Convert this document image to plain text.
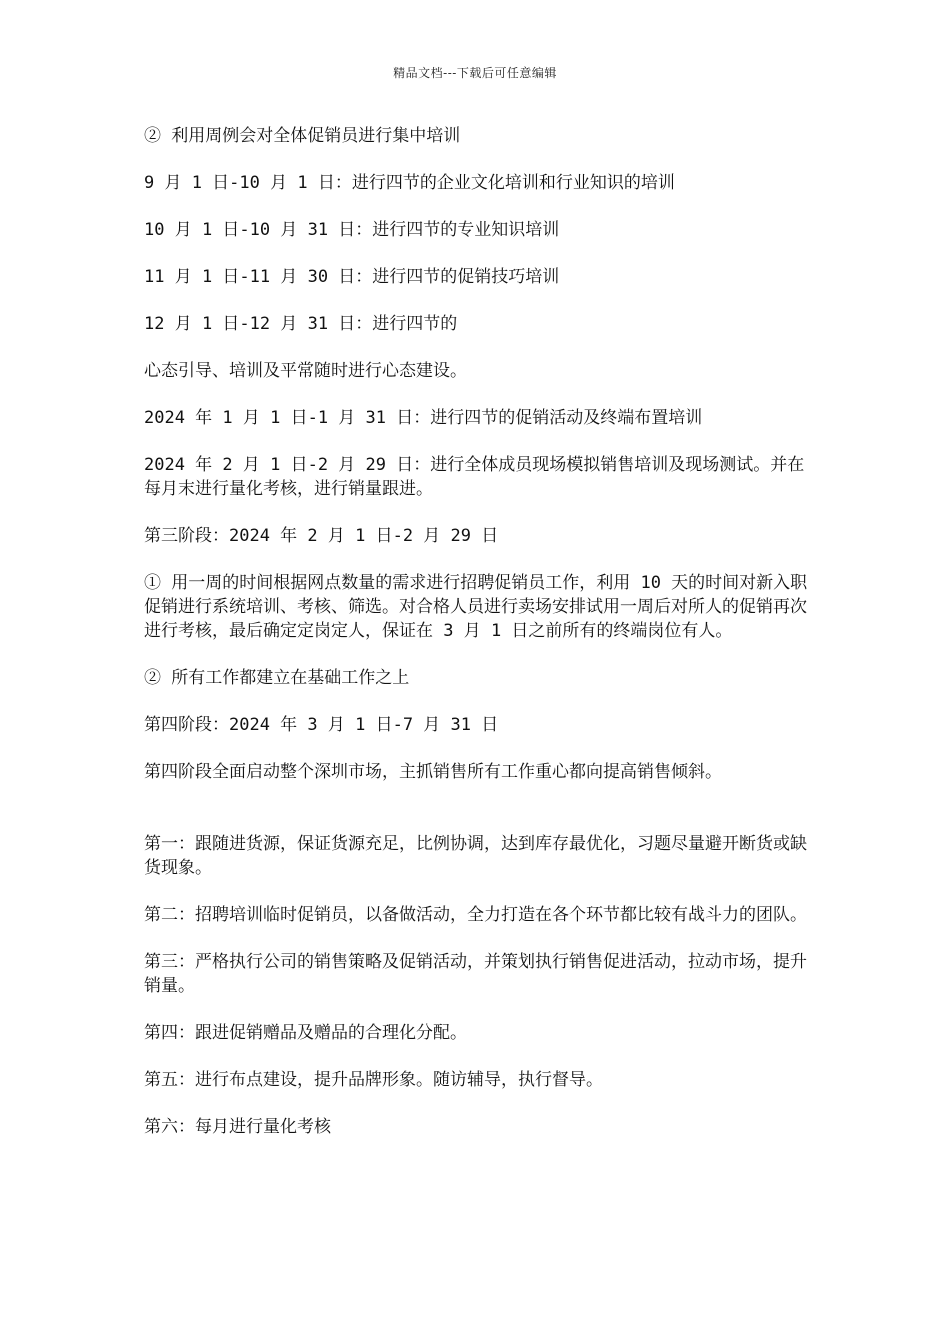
精品文档---下载后可任意编辑

② 利用周例会对全体促销员进行集中培训

9 月 1 日-10 月 1 日：进行四节的企业文化培训和行业知识的培训

10 月 1 日-10 月 31 日：进行四节的专业知识培训

11 月 1 日-11 月 30 日：进行四节的促销技巧培训

12 月 1 日-12 月 31 日：进行四节的

心态引导、培训及平常随时进行心态建设。

2024 年 1 月 1 日-1 月 31 日：进行四节的促销活动及终端布置培训

2024 年 2 月 1 日-2 月 29 日：进行全体成员现场模拟销售培训及现场测试。并在每月末进行量化考核，进行销量跟进。

第三阶段：2024 年 2 月 1 日-2 月 29 日

① 用一周的时间根据网点数量的需求进行招聘促销员工作，利用 10 天的时间对新入职促销进行系统培训、考核、筛选。对合格人员进行卖场安排试用一周后对所人的促销再次进行考核，最后确定定岗定人，保证在 3 月 1 日之前所有的终端岗位有人。

② 所有工作都建立在基础工作之上

第四阶段：2024 年 3 月 1 日-7 月 31 日

第四阶段全面启动整个深圳市场，主抓销售所有工作重心都向提高销售倾斜。

第一：跟随进货源，保证货源充足，比例协调，达到库存最优化，习题尽量避开断货或缺货现象。

第二：招聘培训临时促销员，以备做活动，全力打造在各个环节都比较有战斗力的团队。

第三：严格执行公司的销售策略及促销活动，并策划执行销售促进活动，拉动市场，提升销量。

第四：跟进促销赠品及赠品的合理化分配。

第五：进行布点建设，提升品牌形象。随访辅导，执行督导。

第六：每月进行量化考核
